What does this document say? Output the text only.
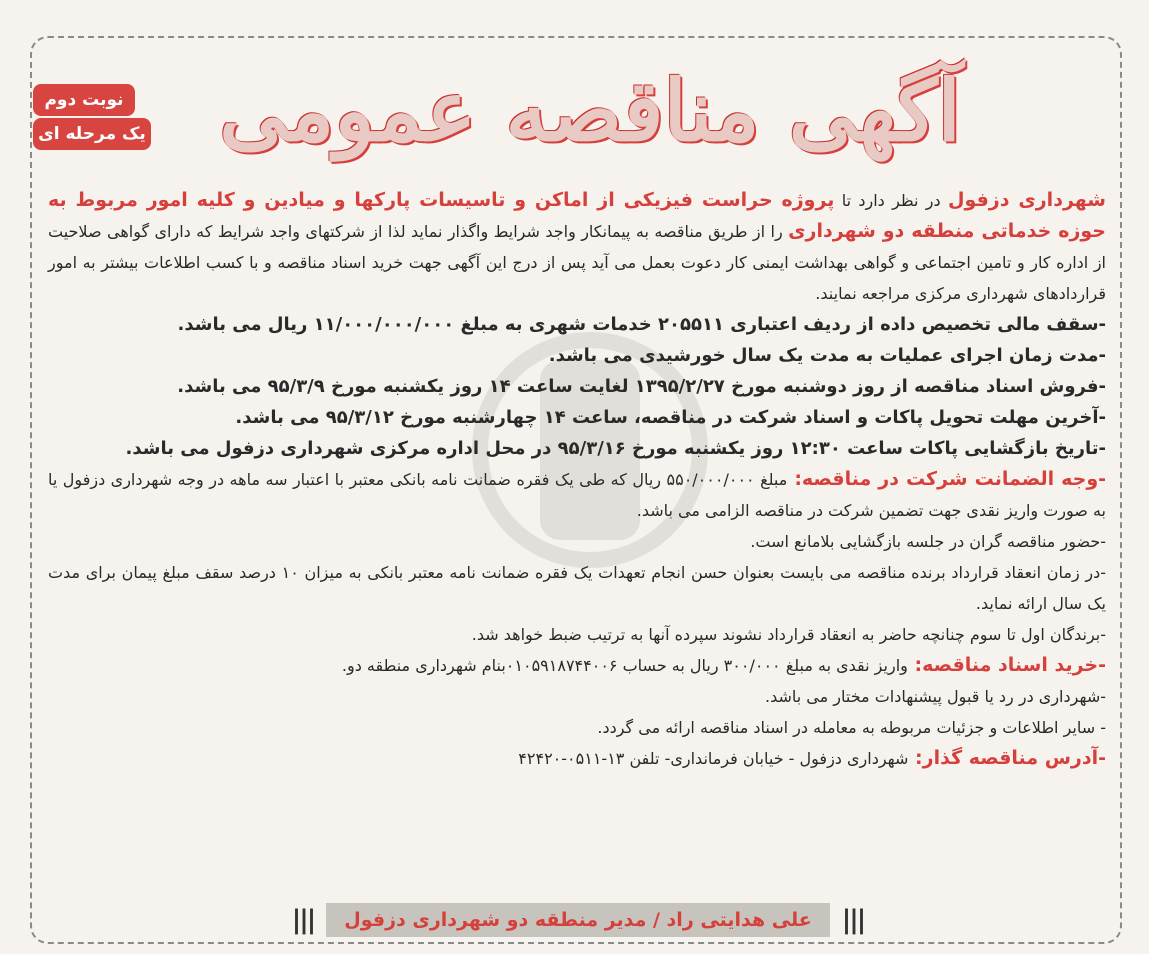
نوبت دوم
یک مرحله ای آگهی مناقصه عمومی

شهرداری دزفول در نظر دارد تا پروژه حراست فیزیکی از اماکن و تاسیسات پارکها و میادین و کلیه امور مربوط به حوزه خدماتی منطقه دو شهرداری را از طریق مناقصه به پیمانکار واجد شرایط واگذار نماید لذا از شرکتهای واجد شرایط که دارای گواهی صلاحیت از اداره کار و تامین اجتماعی و گواهی بهداشت ایمنی کار دعوت بعمل می آید پس از درج این آگهی جهت خرید اسناد مناقصه و با کسب اطلاعات بیشتر به امور قراردادهای شهرداری مرکزی مراجعه نمایند.

-سقف مالی تخصیص داده از ردیف اعتباری ۲۰۵۵۱۱ خدمات شهری به مبلغ ۱۱/۰۰۰/۰۰۰/۰۰۰ ریال می باشد.

-مدت زمان اجرای عملیات به مدت یک سال خورشیدی می باشد.

-فروش اسناد مناقصه از روز دوشنبه مورخ ۱۳۹۵/۲/۲۷ لغایت ساعت ۱۴ روز یکشنبه مورخ ۹۵/۳/۹ می باشد.

-آخرین مهلت تحویل پاکات و اسناد شرکت در مناقصه، ساعت ۱۴ چهارشنبه مورخ ۹۵/۳/۱۲ می باشد.

-تاریخ بازگشایی پاکات ساعت ۱۲:۳۰ روز یکشنبه مورخ ۹۵/۳/۱۶ در محل اداره مرکزی شهرداری دزفول می باشد.

-وجه الضمانت شرکت در مناقصه: مبلغ ۵۵۰/۰۰۰/۰۰۰ ریال که طی یک فقره ضمانت نامه بانکی معتبر با اعتبار سه ماهه در وجه شهرداری دزفول یا به صورت واریز نقدی جهت تضمین شرکت در مناقصه الزامی می باشد.

-حضور مناقصه گران در جلسه بازگشایی بلامانع است.

-در زمان انعقاد قرارداد برنده مناقصه می بایست بعنوان حسن انجام تعهدات یک فقره ضمانت نامه معتبر بانکی به میزان ۱۰ درصد سقف مبلغ پیمان برای مدت یک سال ارائه نماید.

-برندگان اول تا سوم چنانچه حاضر به انعقاد قرارداد نشوند سپرده آنها به ترتیب ضبط خواهد شد.

-خرید اسناد مناقصه: واریز نقدی به مبلغ ۳۰۰/۰۰۰ ریال به حساب ۰۱۰۵۹۱۸۷۴۴۰۰۶بنام شهرداری منطقه دو.

-شهرداری در رد یا قبول پیشنهادات مختار می باشد.

- سایر اطلاعات و جزئیات مربوطه به معامله در اسناد مناقصه ارائه می گردد.

-آدرس مناقصه گذار: شهرداری دزفول - خیابان فرمانداری- تلفن ۱۳-۰۵۱۱-۴۲۴۲۰

|||
علی هدایتی راد / مدیر منطقه دو شهرداری دزفول
|||
